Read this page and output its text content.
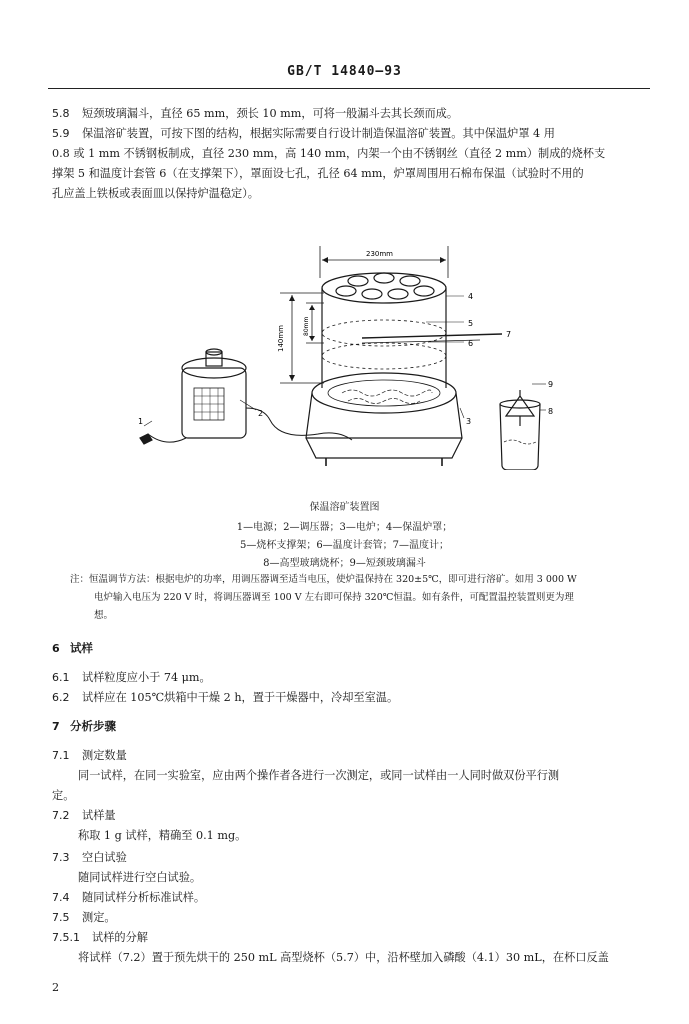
GB/T 14840—93
5.8 短颈玻璃漏斗，直径 65 mm，颈长 10 mm，可将一般漏斗去其长颈而成。
5.9 保温溶矿装置，可按下图的结构，根据实际需要自行设计制造保温溶矿装置。其中保温炉罩 4 用
0.8 或 1 mm 不锈钢板制成，直径 230 mm，高 140 mm，内架一个由不锈钢丝（直径 2 mm）制成的烧杯支
撑架 5 和温度计套管 6（在支撑架下），罩面设七孔，孔径 64 mm，炉罩周围用石棉布保温（试验时不用的
孔应盖上铁板或表面皿以保持炉温稳定）。
230mm
140mm	80mm
4
5
6
7
3
2
1
9
8
保温溶矿装置图
1—电源；2—调压器；3—电炉；4—保温炉罩；
5—烧杯支撑架；6—温度计套管；7—温度计；
8—高型玻璃烧杯；9—短颈玻璃漏斗
注：恒温调节方法：根据电炉的功率，用调压器调至适当电压，使炉温保持在 320±5℃，即可进行溶矿。如用 3 000 W
电炉输入电压为 220 V 时，将调压器调至 100 V 左右即可保持 320℃恒温。如有条件，可配置温控装置则更为理
想。
6 试样
6.1 试样粒度应小于 74 μm。
6.2 试样应在 105℃烘箱中干燥 2 h，置于干燥器中，冷却至室温。
7 分析步骤
7.1 测定数量
同一试样，在同一实验室，应由两个操作者各进行一次测定，或同一试样由一人同时做双份平行测
定。
7.2 试样量
称取 1 g 试样，精确至 0.1 mg。
7.3 空白试验
随同试样进行空白试验。
7.4 随同试样分析标准试样。
7.5 测定。
7.5.1 试样的分解
将试样（7.2）置于预先烘干的 250 mL 高型烧杯（5.7）中，沿杯壁加入磷酸（4.1）30 mL，在杯口反盖
2
